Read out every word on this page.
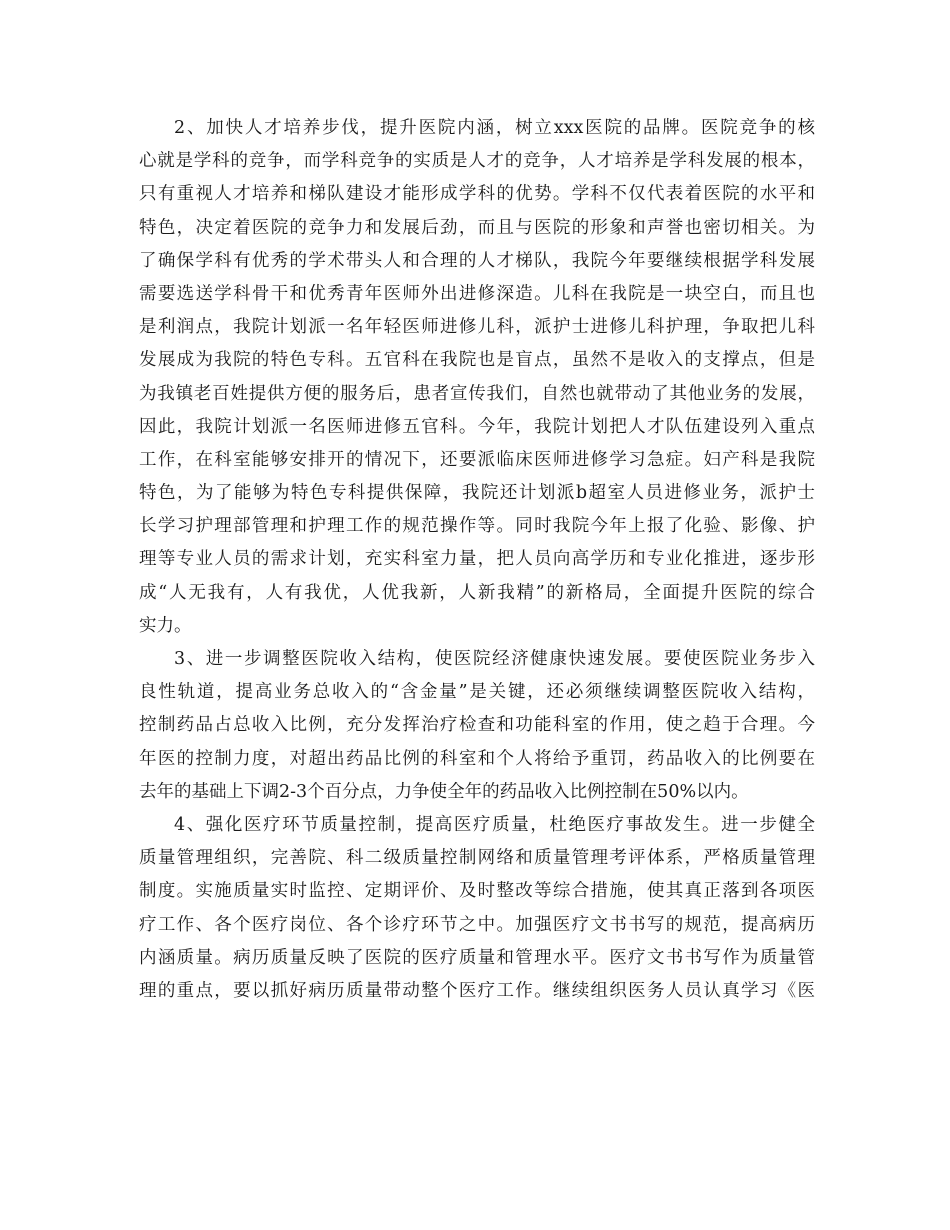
2、加快人才培养步伐，提升医院内涵，树立xxx医院的品牌。医院竞争的核
心就是学科的竞争，而学科竞争的实质是人才的竞争，人才培养是学科发展的根本，
只有重视人才培养和梯队建设才能形成学科的优势。学科不仅代表着医院的水平和
特色，决定着医院的竞争力和发展后劲，而且与医院的形象和声誉也密切相关。为
了确保学科有优秀的学术带头人和合理的人才梯队，我院今年要继续根据学科发展
需要选送学科骨干和优秀青年医师外出进修深造。儿科在我院是一块空白，而且也
是利润点，我院计划派一名年轻医师进修儿科，派护士进修儿科护理，争取把儿科
发展成为我院的特色专科。五官科在我院也是盲点，虽然不是收入的支撑点，但是
为我镇老百姓提供方便的服务后，患者宣传我们，自然也就带动了其他业务的发展，
因此，我院计划派一名医师进修五官科。今年，我院计划把人才队伍建设列入重点
工作，在科室能够安排开的情况下，还要派临床医师进修学习急症。妇产科是我院
特色，为了能够为特色专科提供保障，我院还计划派b超室人员进修业务，派护士
长学习护理部管理和护理工作的规范操作等。同时我院今年上报了化验、影像、护
理等专业人员的需求计划，充实科室力量，把人员向高学历和专业化推进，逐步形
成“人无我有，人有我优，人优我新，人新我精”的新格局，全面提升医院的综合
实力。
3、进一步调整医院收入结构，使医院经济健康快速发展。要使医院业务步入
良性轨道，提高业务总收入的“含金量”是关键，还必须继续调整医院收入结构，
控制药品占总收入比例，充分发挥治疗检查和功能科室的作用，使之趋于合理。今
年医的控制力度，对超出药品比例的科室和个人将给予重罚，药品收入的比例要在
去年的基础上下调2-3个百分点，力争使全年的药品收入比例控制在50%以内。
4、强化医疗环节质量控制，提高医疗质量，杜绝医疗事故发生。进一步健全
质量管理组织，完善院、科二级质量控制网络和质量管理考评体系，严格质量管理
制度。实施质量实时监控、定期评价、及时整改等综合措施，使其真正落到各项医
疗工作、各个医疗岗位、各个诊疗环节之中。加强医疗文书书写的规范，提高病历
内涵质量。病历质量反映了医院的医疗质量和管理水平。医疗文书书写作为质量管
理的重点，要以抓好病历质量带动整个医疗工作。继续组织医务人员认真学习《医
